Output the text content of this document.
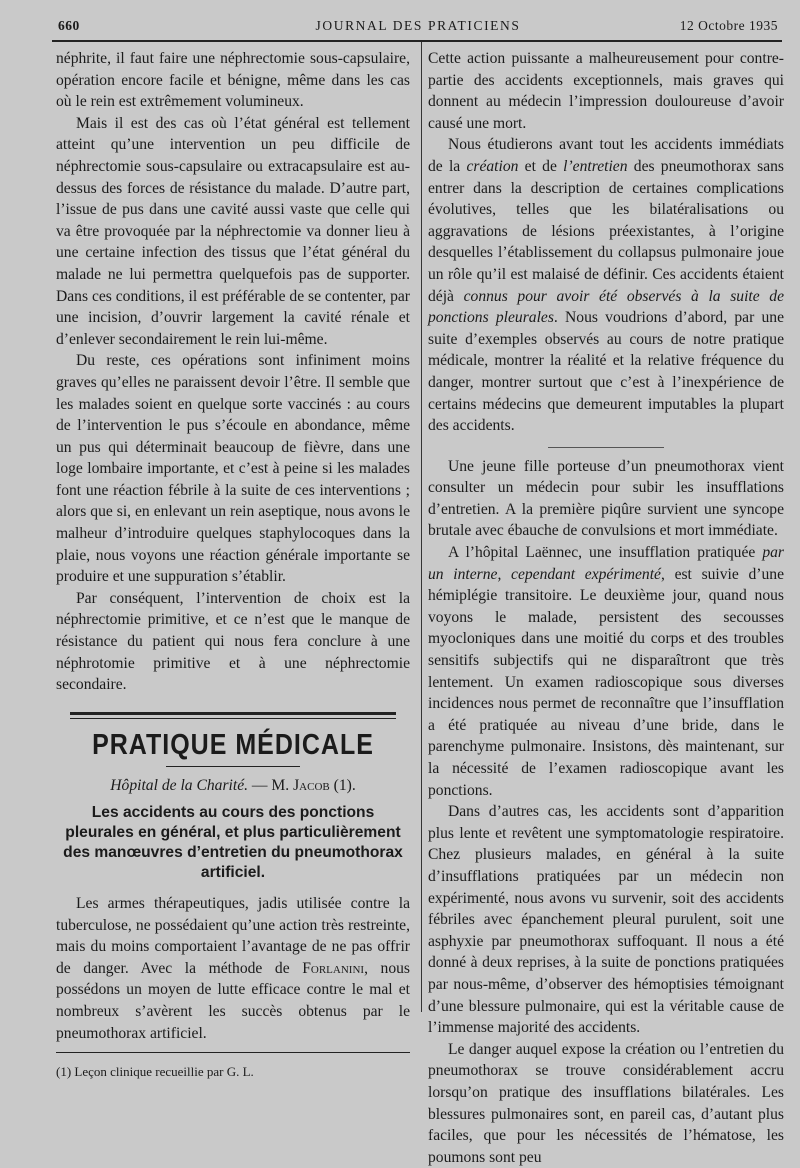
660	JOURNAL DES PRATICIENS	12 Octobre 1935

néphrite, il faut faire une néphrectomie sous-capsulaire, opération encore facile et bénigne, même dans les cas où le rein est extrêmement volumineux.

Mais il est des cas où l’état général est tellement atteint qu’une intervention un peu difficile de néphrectomie sous-capsulaire ou extracapsulaire est au-dessus des forces de résistance du malade. D’autre part, l’issue de pus dans une cavité aussi vaste que celle qui va être provoquée par la néphrectomie va donner lieu à une certaine infection des tissus que l’état général du malade ne lui permettra quelquefois pas de supporter. Dans ces conditions, il est préférable de se contenter, par une incision, d’ouvrir largement la cavité rénale et d’enlever secondairement le rein lui-même.

Du reste, ces opérations sont infiniment moins graves qu’elles ne paraissent devoir l’être. Il semble que les malades soient en quelque sorte vaccinés : au cours de l’intervention le pus s’écoule en abondance, même un pus qui déterminait beaucoup de fièvre, dans une loge lombaire importante, et c’est à peine si les malades font une réaction fébrile à la suite de ces interventions ; alors que si, en enlevant un rein aseptique, nous avons le malheur d’introduire quelques staphylocoques dans la plaie, nous voyons une réaction générale importante se produire et une suppuration s’établir.

Par conséquent, l’intervention de choix est la néphrectomie primitive, et ce n’est que le manque de résistance du patient qui nous fera conclure à une néphrotomie primitive et à une néphrectomie secondaire.

PRATIQUE MÉDICALE
Hôpital de la Charité. — M. Jacob (1).
Les accidents au cours des ponctions pleurales en général, et plus particulièrement des manœuvres d’entretien du pneumothorax artificiel.

Les armes thérapeutiques, jadis utilisée contre la tuberculose, ne possédaient qu’une action très restreinte, mais du moins comportaient l’avantage de ne pas offrir de danger. Avec la méthode de Forlanini, nous possédons un moyen de lutte efficace contre le mal et nombreux s’avèrent les succès obtenus par le pneumothorax artificiel.

(1) Leçon clinique recueillie par G. L.

Cette action puissante a malheureusement pour contre-partie des accidents exceptionnels, mais graves qui donnent au médecin l’impression douloureuse d’avoir causé une mort.

Nous étudierons avant tout les accidents immédiats de la création et de l’entretien des pneumothorax sans entrer dans la description de certaines complications évolutives, telles que les bilatéralisations ou aggravations de lésions préexistantes, à l’origine desquelles l’établissement du collapsus pulmonaire joue un rôle qu’il est malaisé de définir. Ces accidents étaient déjà connus pour avoir été observés à la suite de ponctions pleurales. Nous voudrions d’abord, par une suite d’exemples observés au cours de notre pratique médicale, montrer la réalité et la relative fréquence du danger, montrer surtout que c’est à l’inexpérience de certains médecins que demeurent imputables la plupart des accidents.

Une jeune fille porteuse d’un pneumothorax vient consulter un médecin pour subir les insufflations d’entretien. A la première piqûre survient une syncope brutale avec ébauche de convulsions et mort immédiate.

A l’hôpital Laënnec, une insufflation pratiquée par un interne, cependant expérimenté, est suivie d’une hémiplégie transitoire. Le deuxième jour, quand nous voyons le malade, persistent des secousses myocloniques dans une moitié du corps et des troubles sensitifs subjectifs qui ne disparaîtront que très lentement. Un examen radioscopique sous diverses incidences nous permet de reconnaître que l’insufflation a été pratiquée au niveau d’une bride, dans le parenchyme pulmonaire. Insistons, dès maintenant, sur la nécessité de l’examen radioscopique avant les ponctions.

Dans d’autres cas, les accidents sont d’apparition plus lente et revêtent une symptomatologie respiratoire. Chez plusieurs malades, en général à la suite d’insufflations pratiquées par un médecin non expérimenté, nous avons vu survenir, soit des accidents fébriles avec épanchement pleural purulent, soit une asphyxie par pneumothorax suffoquant. Il nous a été donné à deux reprises, à la suite de ponctions pratiquées par nous-même, d’observer des hémoptisies témoignant d’une blessure pulmonaire, qui est la véritable cause de l’immense majorité des accidents.

Le danger auquel expose la création ou l’entretien du pneumothorax se trouve considérablement accru lorsqu’on pratique des insufflations bilatérales. Les blessures pulmonaires sont, en pareil cas, d’autant plus faciles, que pour les nécessités de l’hématose, les poumons sont peu
